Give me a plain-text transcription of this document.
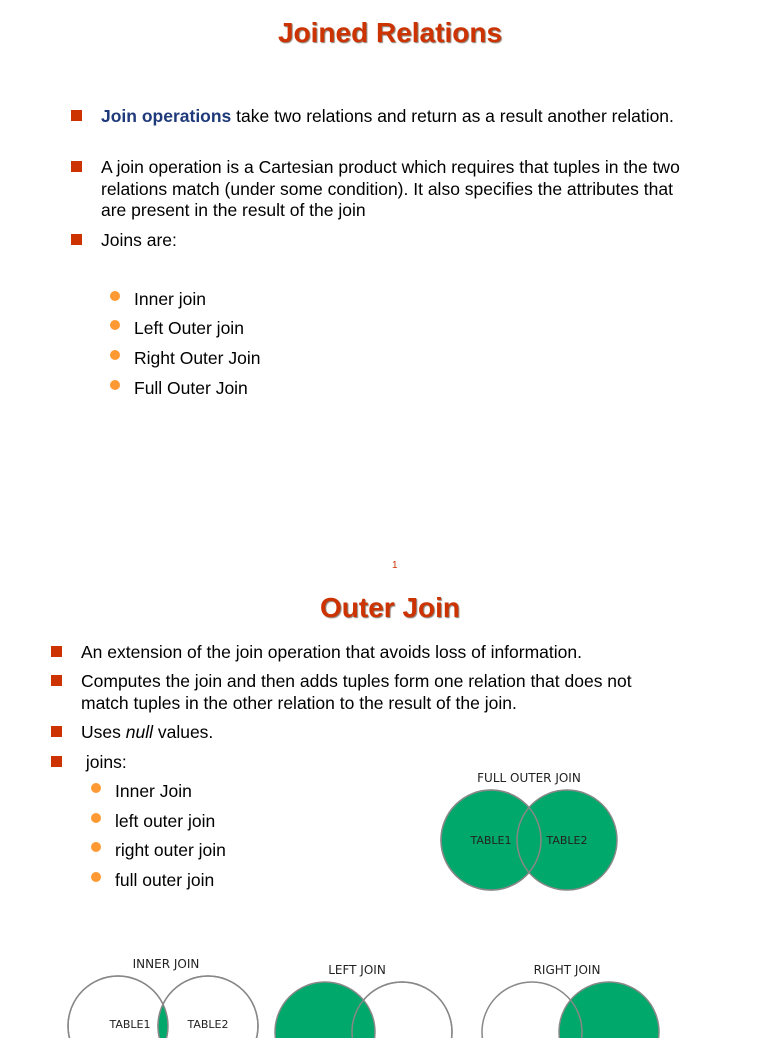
Joined Relations
Join operations take two relations and return as a result another relation.
A join operation is a Cartesian product which requires that tuples in the two relations match (under some condition). It also specifies the attributes that are present in the result of the join
Joins are:
Inner join
Left Outer join
Right Outer Join
Full Outer Join
1
Outer Join
An extension of the join operation that avoids loss of information.
Computes the join and then adds tuples form one relation that does not match tuples in the other relation to the result of the join.
Uses null values.
joins:
Inner Join
left outer join
right outer join
full outer join
FULL OUTER JOIN
TABLE1	TABLE2
INNER JOIN
TABLE1	TABLE2
LEFT JOIN	RIGHT JOIN
